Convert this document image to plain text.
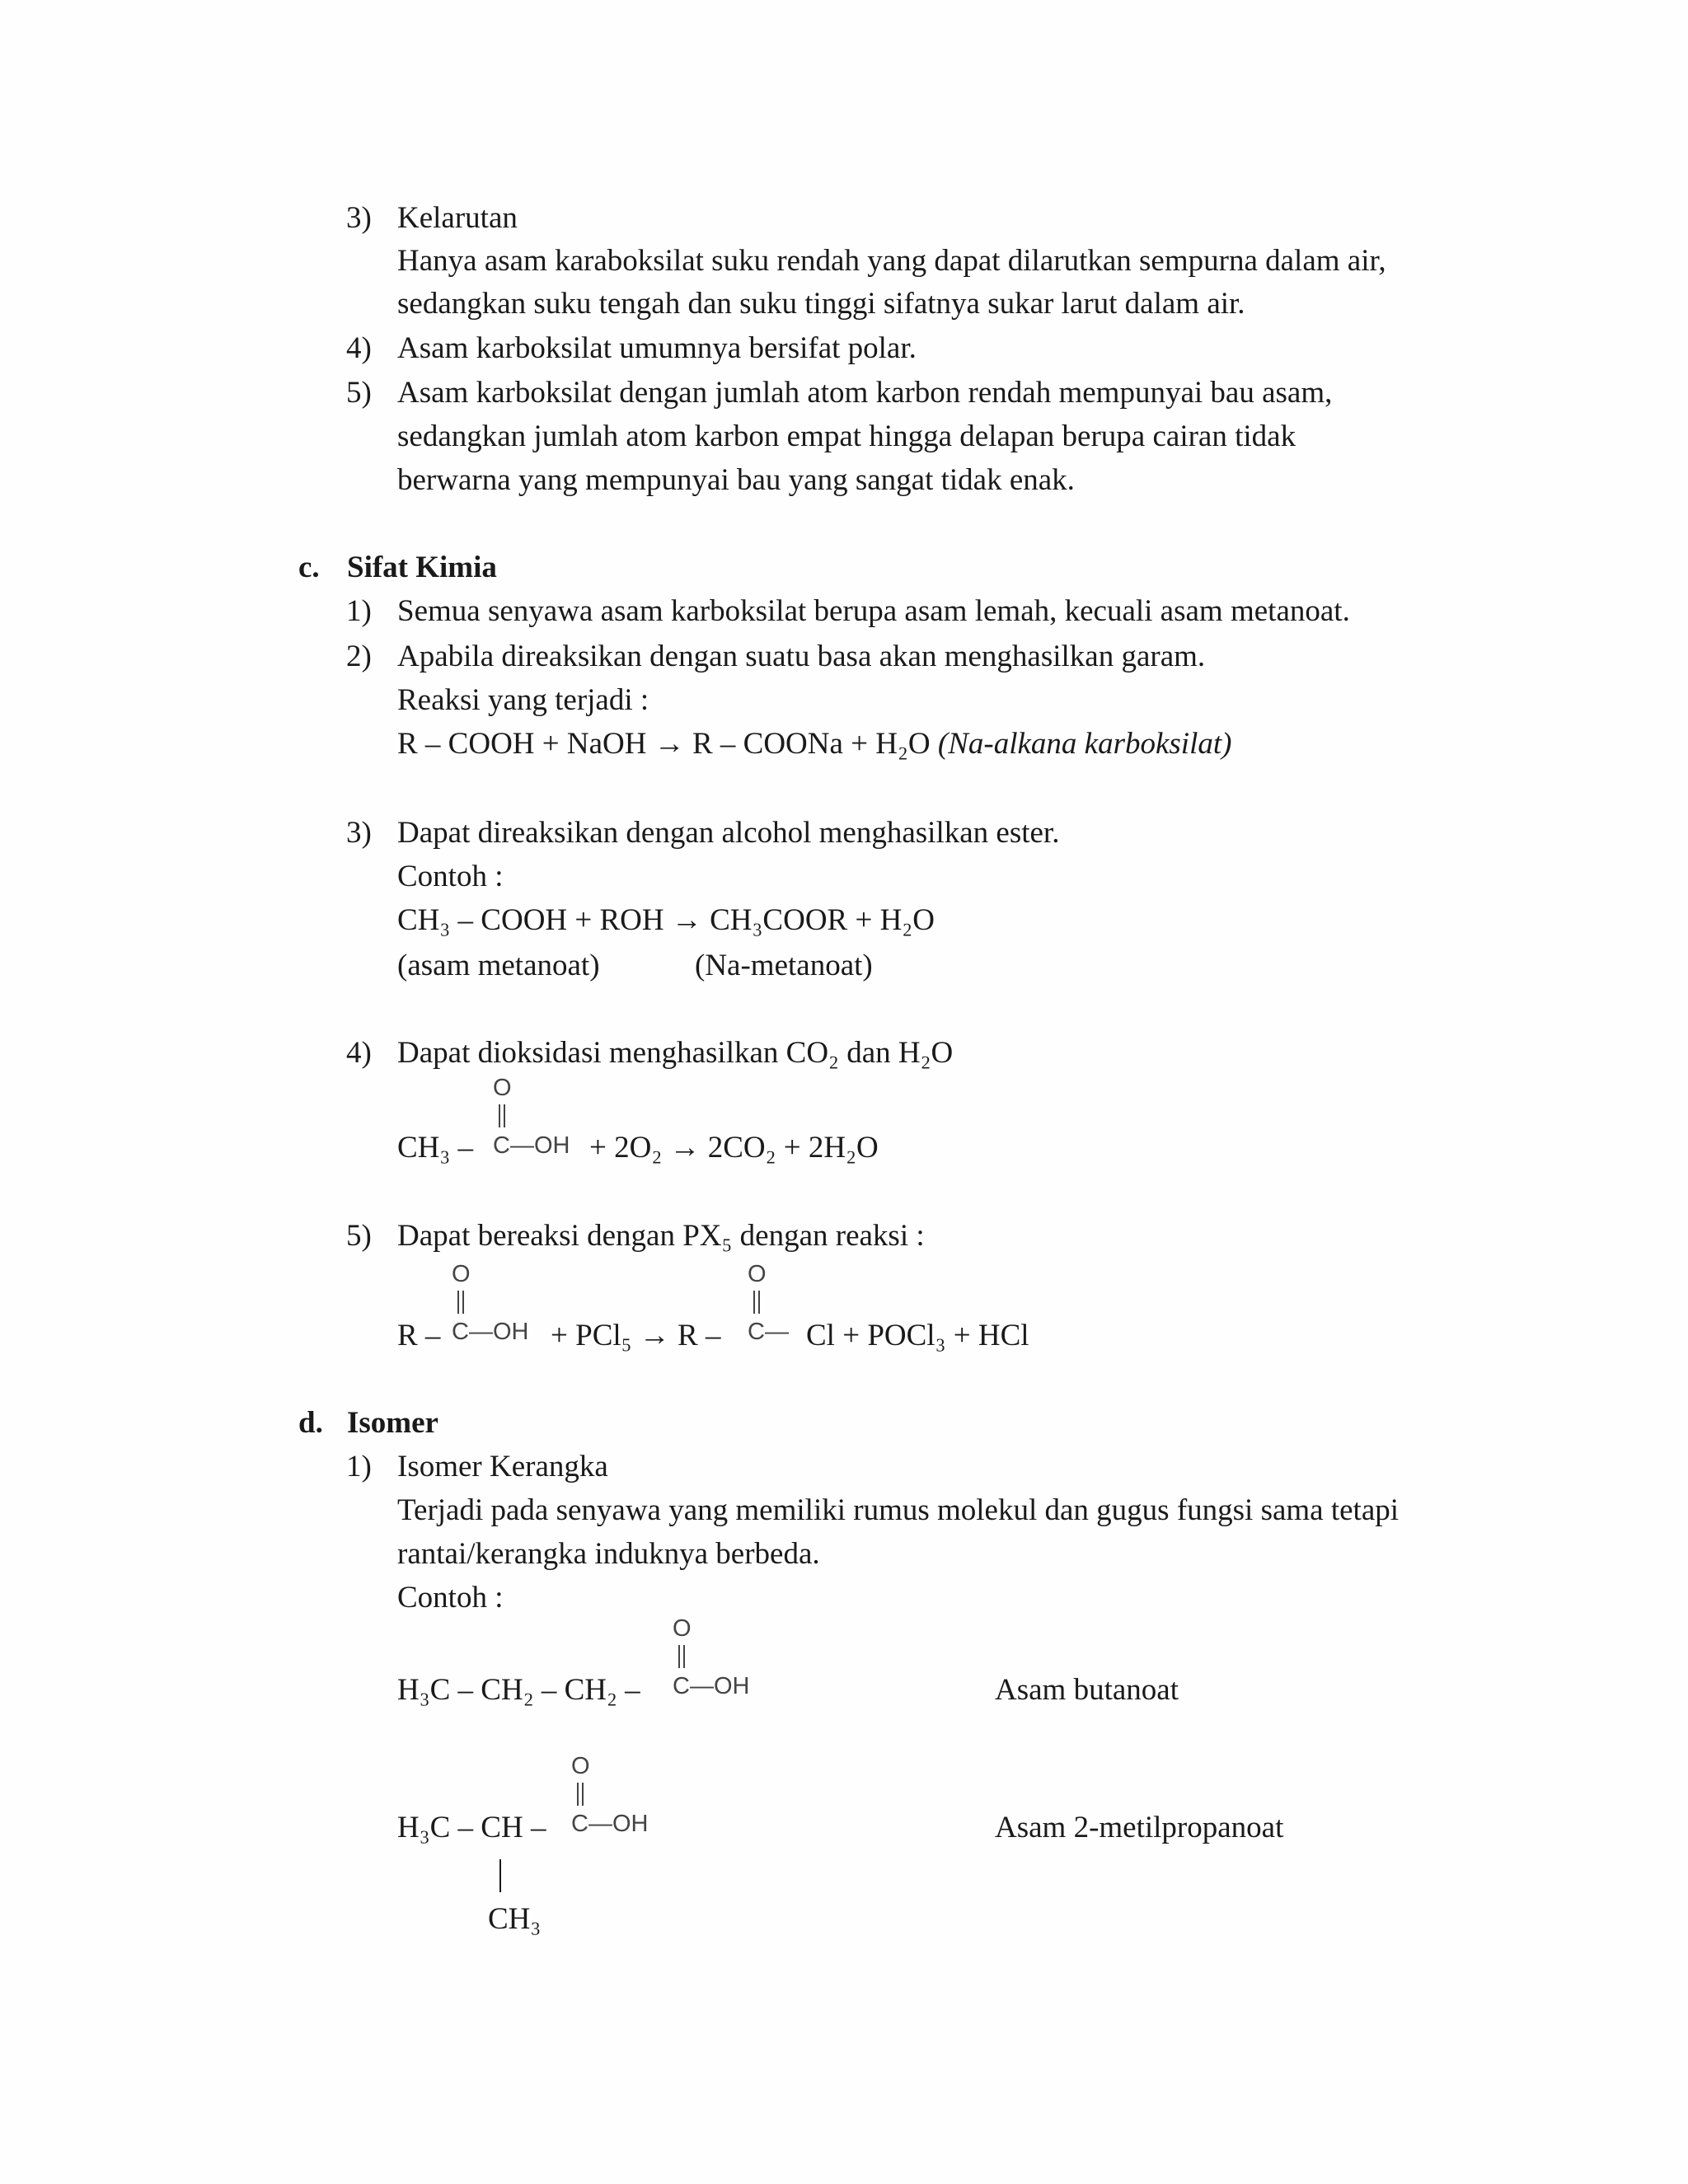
3) Kelarutan
Hanya asam karaboksilat suku rendah yang dapat dilarutkan sempurna dalam air,
sedangkan suku tengah dan suku tinggi sifatnya sukar larut dalam air.
4) Asam karboksilat umumnya bersifat polar.
5) Asam karboksilat dengan jumlah atom karbon rendah mempunyai bau asam,
sedangkan jumlah atom karbon empat hingga delapan berupa cairan tidak
berwarna yang mempunyai bau yang sangat tidak enak.
c. Sifat Kimia
1) Semua senyawa asam karboksilat berupa asam lemah, kecuali asam metanoat.
2) Apabila direaksikan dengan suatu basa akan menghasilkan garam.
Reaksi yang terjadi :
R – COOH + NaOH → R – COONa + H₂O (Na-alkana karboksilat)
3) Dapat direaksikan dengan alcohol menghasilkan ester.
Contoh :
CH₃ – COOH + ROH → CH₃COOR + H₂O
(asam metanoat)	(Na-metanoat)
4) Dapat dioksidasi menghasilkan CO₂ dan H₂O
CH₃ –
O
C—OH + 2O₂ → 2CO₂ + 2H₂O
5) Dapat bereaksi dengan PX₅ dengan reaksi :
R –
O
C—OH + PCl₅ → R –
O
C— Cl + POCl₃ + HCl
d. Isomer
1) Isomer Kerangka
Terjadi pada senyawa yang memiliki rumus molekul dan gugus fungsi sama tetapi
rantai/kerangka induknya berbeda.
Contoh :
H₃C – CH₂ – CH₂ –
O
C—OH	Asam butanoat
H₃C – CH –
O
C—OH
CH₃
Asam 2-metilpropanoat
